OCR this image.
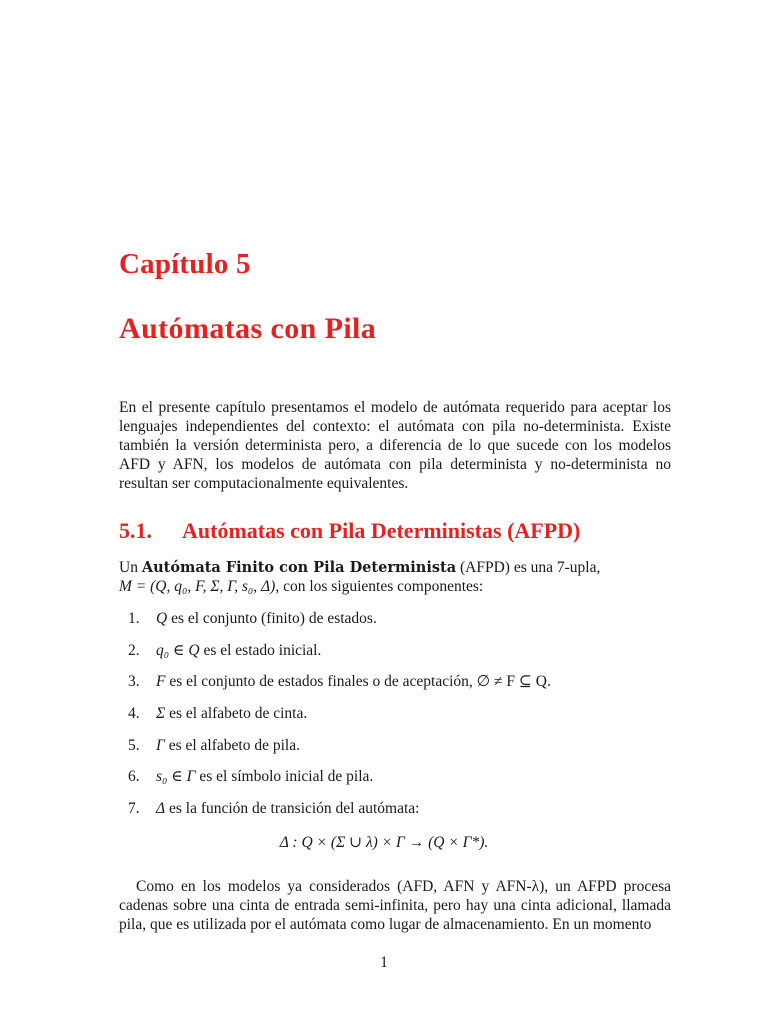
Capítulo 5
Autómatas con Pila

En el presente capítulo presentamos el modelo de autómata requerido para aceptar los lenguajes independientes del contexto: el autómata con pila no-determinista. Existe también la versión determinista pero, a diferencia de lo que sucede con los modelos AFD y AFN, los modelos de autómata con pila determinista y no-determinista no resultan ser computacionalmente equivalentes.

5.1. Autómatas con Pila Deterministas (AFPD)

Un Autómata Finito con Pila Determinista (AFPD) es una 7-upla,
M = (Q, q₀, F, Σ, Γ, s₀, Δ), con los siguientes componentes:

1.	Q es el conjunto (finito) de estados.
2.	q₀ ∈ Q es el estado inicial.
3.	F es el conjunto de estados finales o de aceptación, ∅ ≠ F ⊆ Q.
4.	Σ es el alfabeto de cinta.
5.	Γ es el alfabeto de pila.
6.	s₀ ∈ Γ es el símbolo inicial de pila.
7.	Δ es la función de transición del autómata:
Δ : Q × (Σ ∪ λ) × Γ → (Q × Γ*).

Como en los modelos ya considerados (AFD, AFN y AFN-λ), un AFPD procesa cadenas sobre una cinta de entrada semi-infinita, pero hay una cinta adicional, llamada pila, que es utilizada por el autómata como lugar de almacenamiento. En un momento

1
